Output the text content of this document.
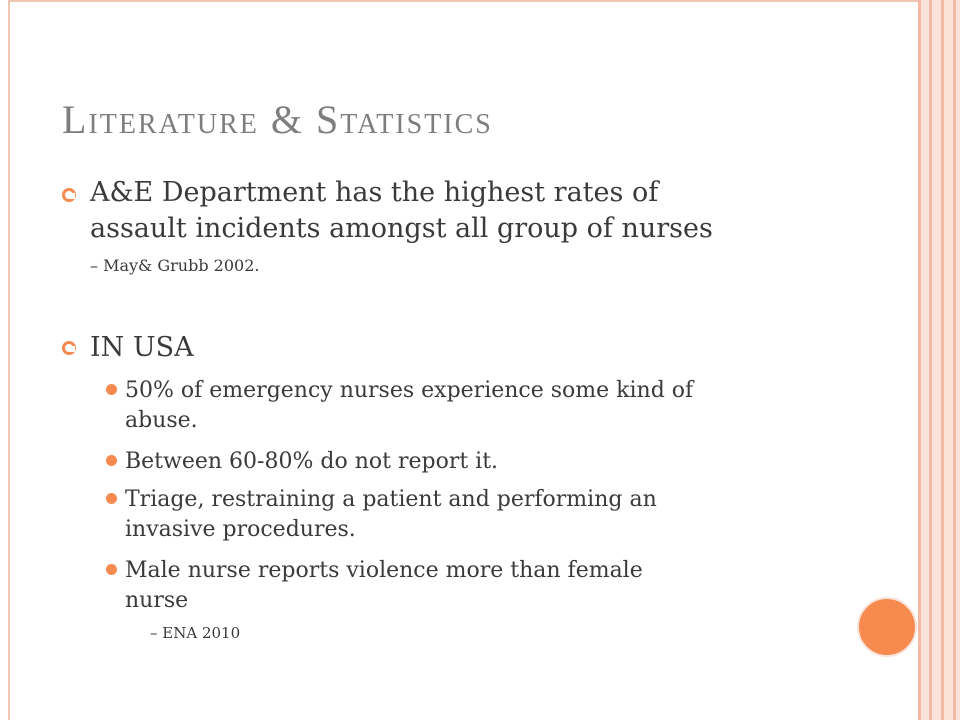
Literature & Statistics
A&E Department has the highest rates of
assault incidents amongst all group of nurses
– May& Grubb 2002.
IN USA
50% of emergency nurses experience some kind of
abuse.
Between 60-80% do not report it.
Triage, restraining a patient and performing an
invasive procedures.
Male nurse reports violence more than female
nurse
– ENA 2010
